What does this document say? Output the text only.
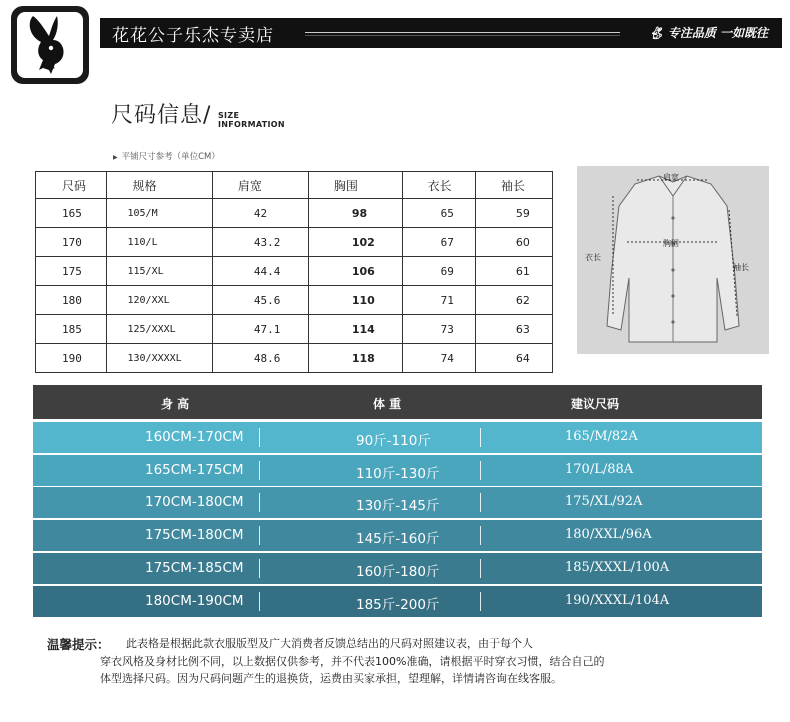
花花公子乐杰专卖店	🐇︎ 专注品质 一如既往
尺码信息/ SIZE
INFORMATION
▶ 平铺尺寸参考（单位CM）
尺码	规格	肩宽	胸围	衣长	袖长
165	105/M	42	98	65	59
170	110/L	43.2	102	67	60
175	115/XL	44.4	106	69	61
180	120/XXL	45.6	110	71	62
185	125/XXXL	47.1	114	73	63
190	130/XXXXL	48.6	118	74	64
肩宽
衣长
胸围
袖长
身 高	体 重	建议尺码
160CM-170CM	90斤-110斤	165/M/82A
165CM-175CM	110斤-130斤	170/L/88A
170CM-180CM	130斤-145斤	175/XL/92A
175CM-180CM	145斤-160斤	180/XXL/96A
175CM-185CM	160斤-180斤	185/XXXL/100A
180CM-190CM	185斤-200斤	190/XXXL/104A
温馨提示： 此表格是根据此款衣服版型及广大消费者反馈总结出的尺码对照建议表，由于每个人
穿衣风格及身材比例不同，以上数据仅供参考，并不代表100%准确，请根据平时穿衣习惯，结合自己的
体型选择尺码。因为尺码问题产生的退换货，运费由买家承担，望理解，详情请咨询在线客服。
